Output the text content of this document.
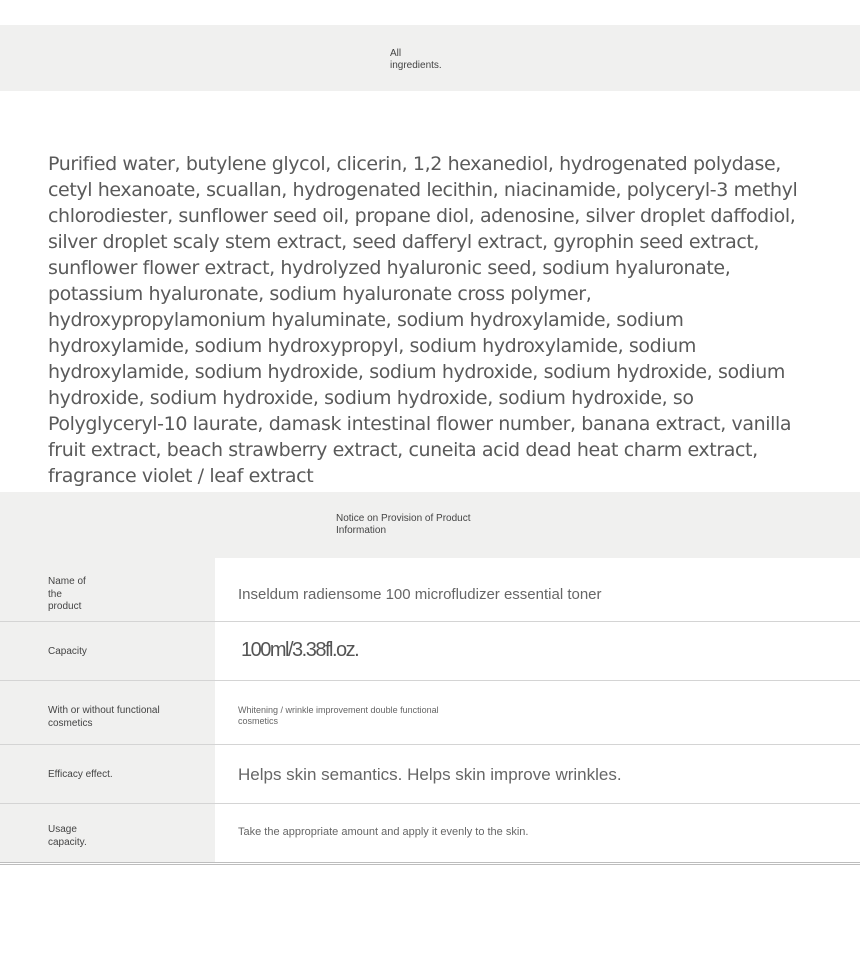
All
ingredients.
Purified water, butylene glycol, clicerin, 1,2 hexanediol, hydrogenated polydase, cetyl hexanoate, scuallan, hydrogenated lecithin, niacinamide, polyceryl-3 methyl chlorodiester, sunflower seed oil, propane diol, adenosine, silver droplet daffodiol, silver droplet scaly stem extract, seed dafferyl extract, gyrophin seed extract, sunflower flower extract, hydrolyzed hyaluronic seed, sodium hyaluronate, potassium hyaluronate, sodium hyaluronate cross polymer, hydroxypropylamonium hyaluminate, sodium hydroxylamide, sodium hydroxylamide, sodium hydroxypropyl, sodium hydroxylamide, sodium hydroxylamide, sodium hydroxide, sodium hydroxide, sodium hydroxide, sodium hydroxide, sodium hydroxide, sodium hydroxide, sodium hydroxide, so Polyglyceryl-10 laurate, damask intestinal flower number, banana extract, vanilla fruit extract, beach strawberry extract, cuneita acid dead heat charm extract, fragrance violet / leaf extract
Notice on Provision of Product
Information
Name of
the
product
Inseldum radiensome 100 microfludizer essential toner
Capacity	100ml/3.38fl.oz.
With or without functional
cosmetics
Whitening / wrinkle improvement double functional
cosmetics
Efficacy effect.	Helps skin semantics. Helps skin improve wrinkles.
Usage
capacity.
Take the appropriate amount and apply it evenly to the skin.
